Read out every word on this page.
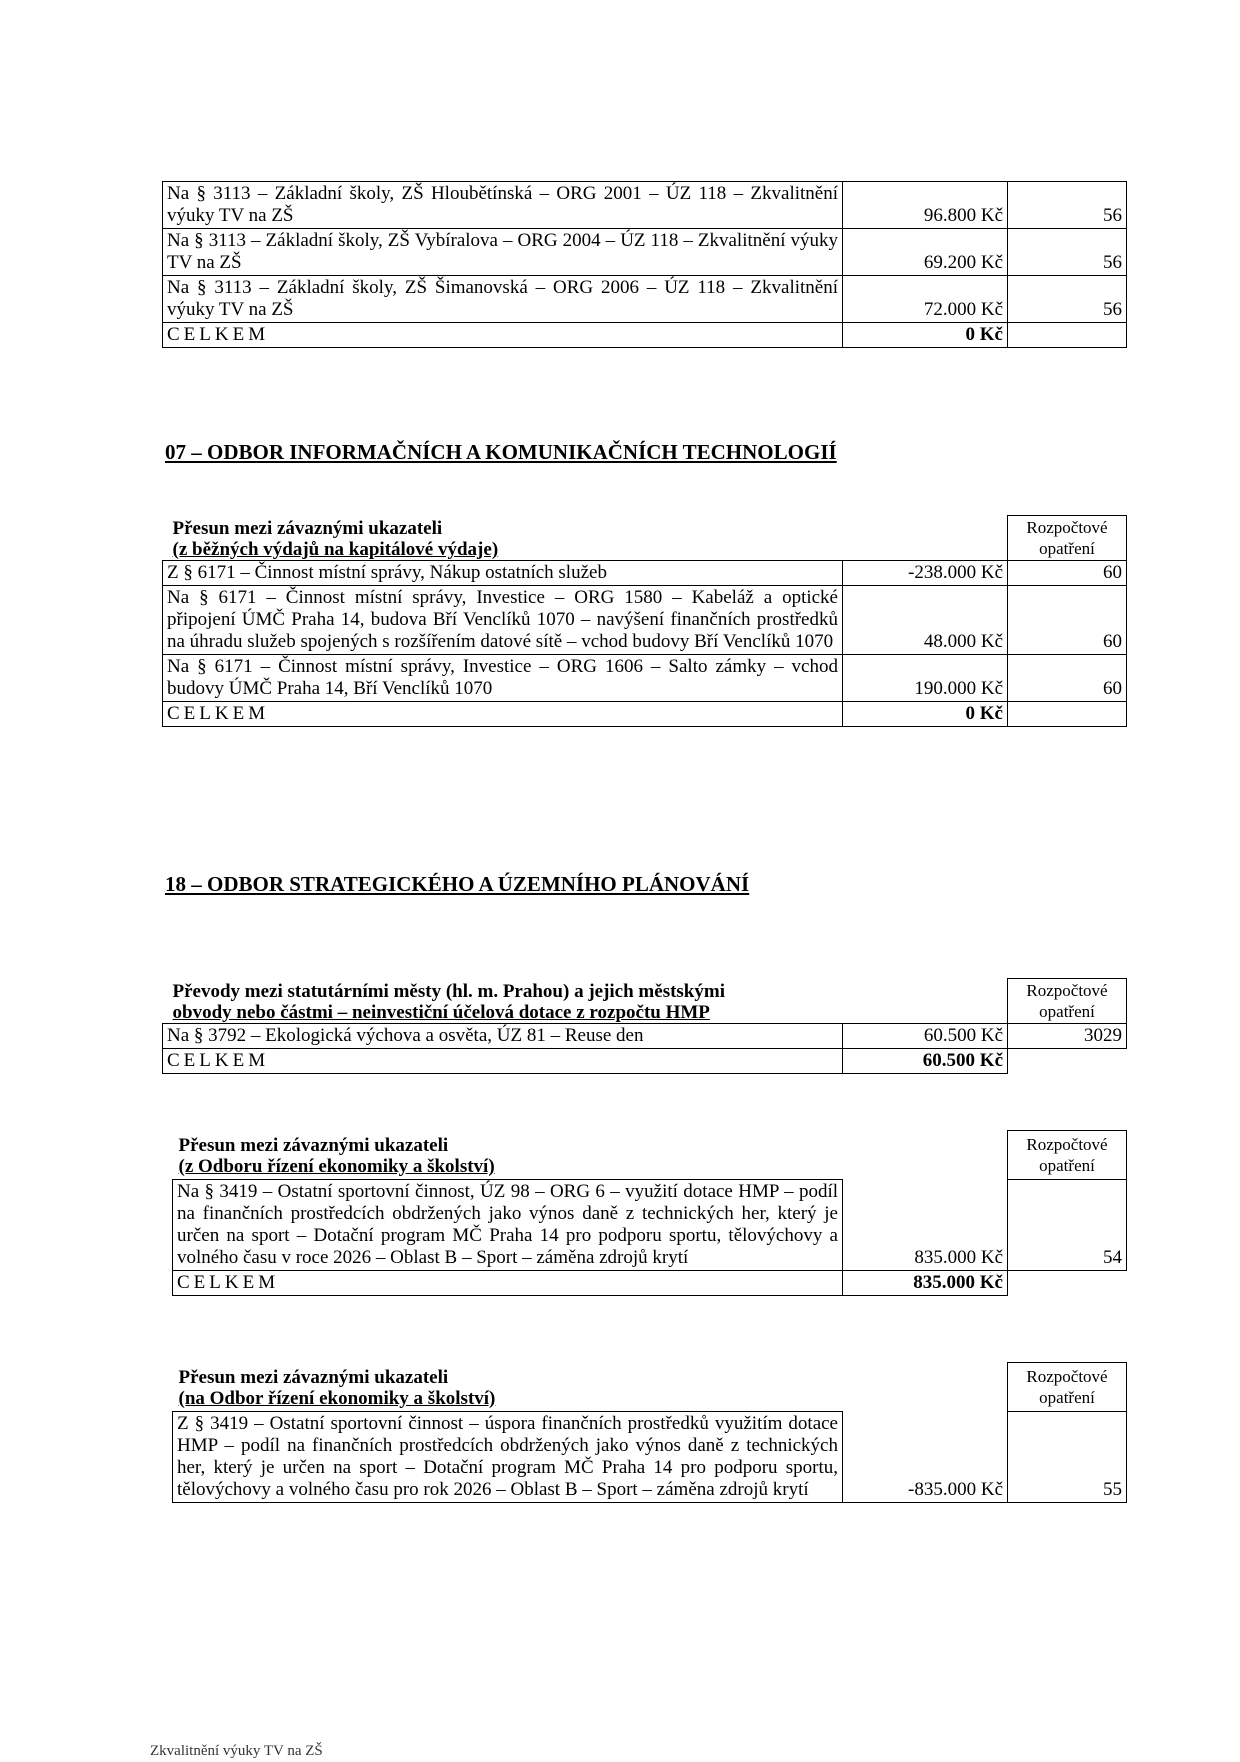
Na § 3113 – Základní školy, ZŠ Hloubětínská – ORG 2001 – ÚZ 118 – Zkvalitnění výuky TV na ZŠ	96.800 Kč	56
Na § 3113 – Základní školy, ZŠ Vybíralova – ORG 2004 – ÚZ 118 – Zkvalitnění výuky TV na ZŠ	69.200 Kč	56
Na § 3113 – Základní školy, ZŠ Šimanovská – ORG 2006 – ÚZ 118 – Zkvalitnění výuky TV na ZŠ	72.000 Kč	56
CELKEM	0 Kč	
07 – ODBOR INFORMAČNÍCH A KOMUNIKAČNÍCH TECHNOLOGIÍ
Přesun mezi závaznými ukazateli
(z běžných výdajů na kapitálové výdaje)		Rozpočtové opatření
Z § 6171 – Činnost místní správy, Nákup ostatních služeb	-238.000 Kč	60
Na § 6171 – Činnost místní správy, Investice – ORG 1580 – Kabeláž a optické připojení ÚMČ Praha 14, budova Bří Venclíků 1070 – navýšení finančních prostředků na úhradu služeb spojených s rozšířením datové sítě – vchod budovy Bří Venclíků 1070	48.000 Kč	60
Na § 6171 – Činnost místní správy, Investice – ORG 1606 – Salto zámky – vchod budovy ÚMČ Praha 14, Bří Venclíků 1070	190.000 Kč	60
CELKEM	0 Kč	
18 – ODBOR STRATEGICKÉHO A ÚZEMNÍHO PLÁNOVÁNÍ
Převody mezi statutárními městy (hl. m. Prahou) a jejich městskými
obvody nebo částmi – neinvestiční účelová dotace z rozpočtu HMP		Rozpočtové opatření
Na § 3792 – Ekologická výchova a osvěta, ÚZ 81 – Reuse den	60.500 Kč	3029
CELKEM	60.500 Kč	
Přesun mezi závaznými ukazateli
(z Odboru řízení ekonomiky a školství)		Rozpočtové opatření
Na § 3419 – Ostatní sportovní činnost, ÚZ 98 – ORG 6 – využití dotace HMP – podíl na finančních prostředcích obdržených jako výnos daně z technických her, který je určen na sport – Dotační program MČ Praha 14 pro podporu sportu, tělovýchovy a volného času v roce 2026 – Oblast B – Sport – záměna zdrojů krytí	835.000 Kč	54
CELKEM	835.000 Kč	
Přesun mezi závaznými ukazateli
(na Odbor řízení ekonomiky a školství)		Rozpočtové opatření
Z § 3419 – Ostatní sportovní činnost – úspora finančních prostředků využitím dotace HMP – podíl na finančních prostředcích obdržených jako výnos daně z technických her, který je určen na sport – Dotační program MČ Praha 14 pro podporu sportu, tělovýchovy a volného času pro rok 2026 – Oblast B – Sport – záměna zdrojů krytí	-835.000 Kč	55
Zkvalitnění výuky TV na ZŠ
